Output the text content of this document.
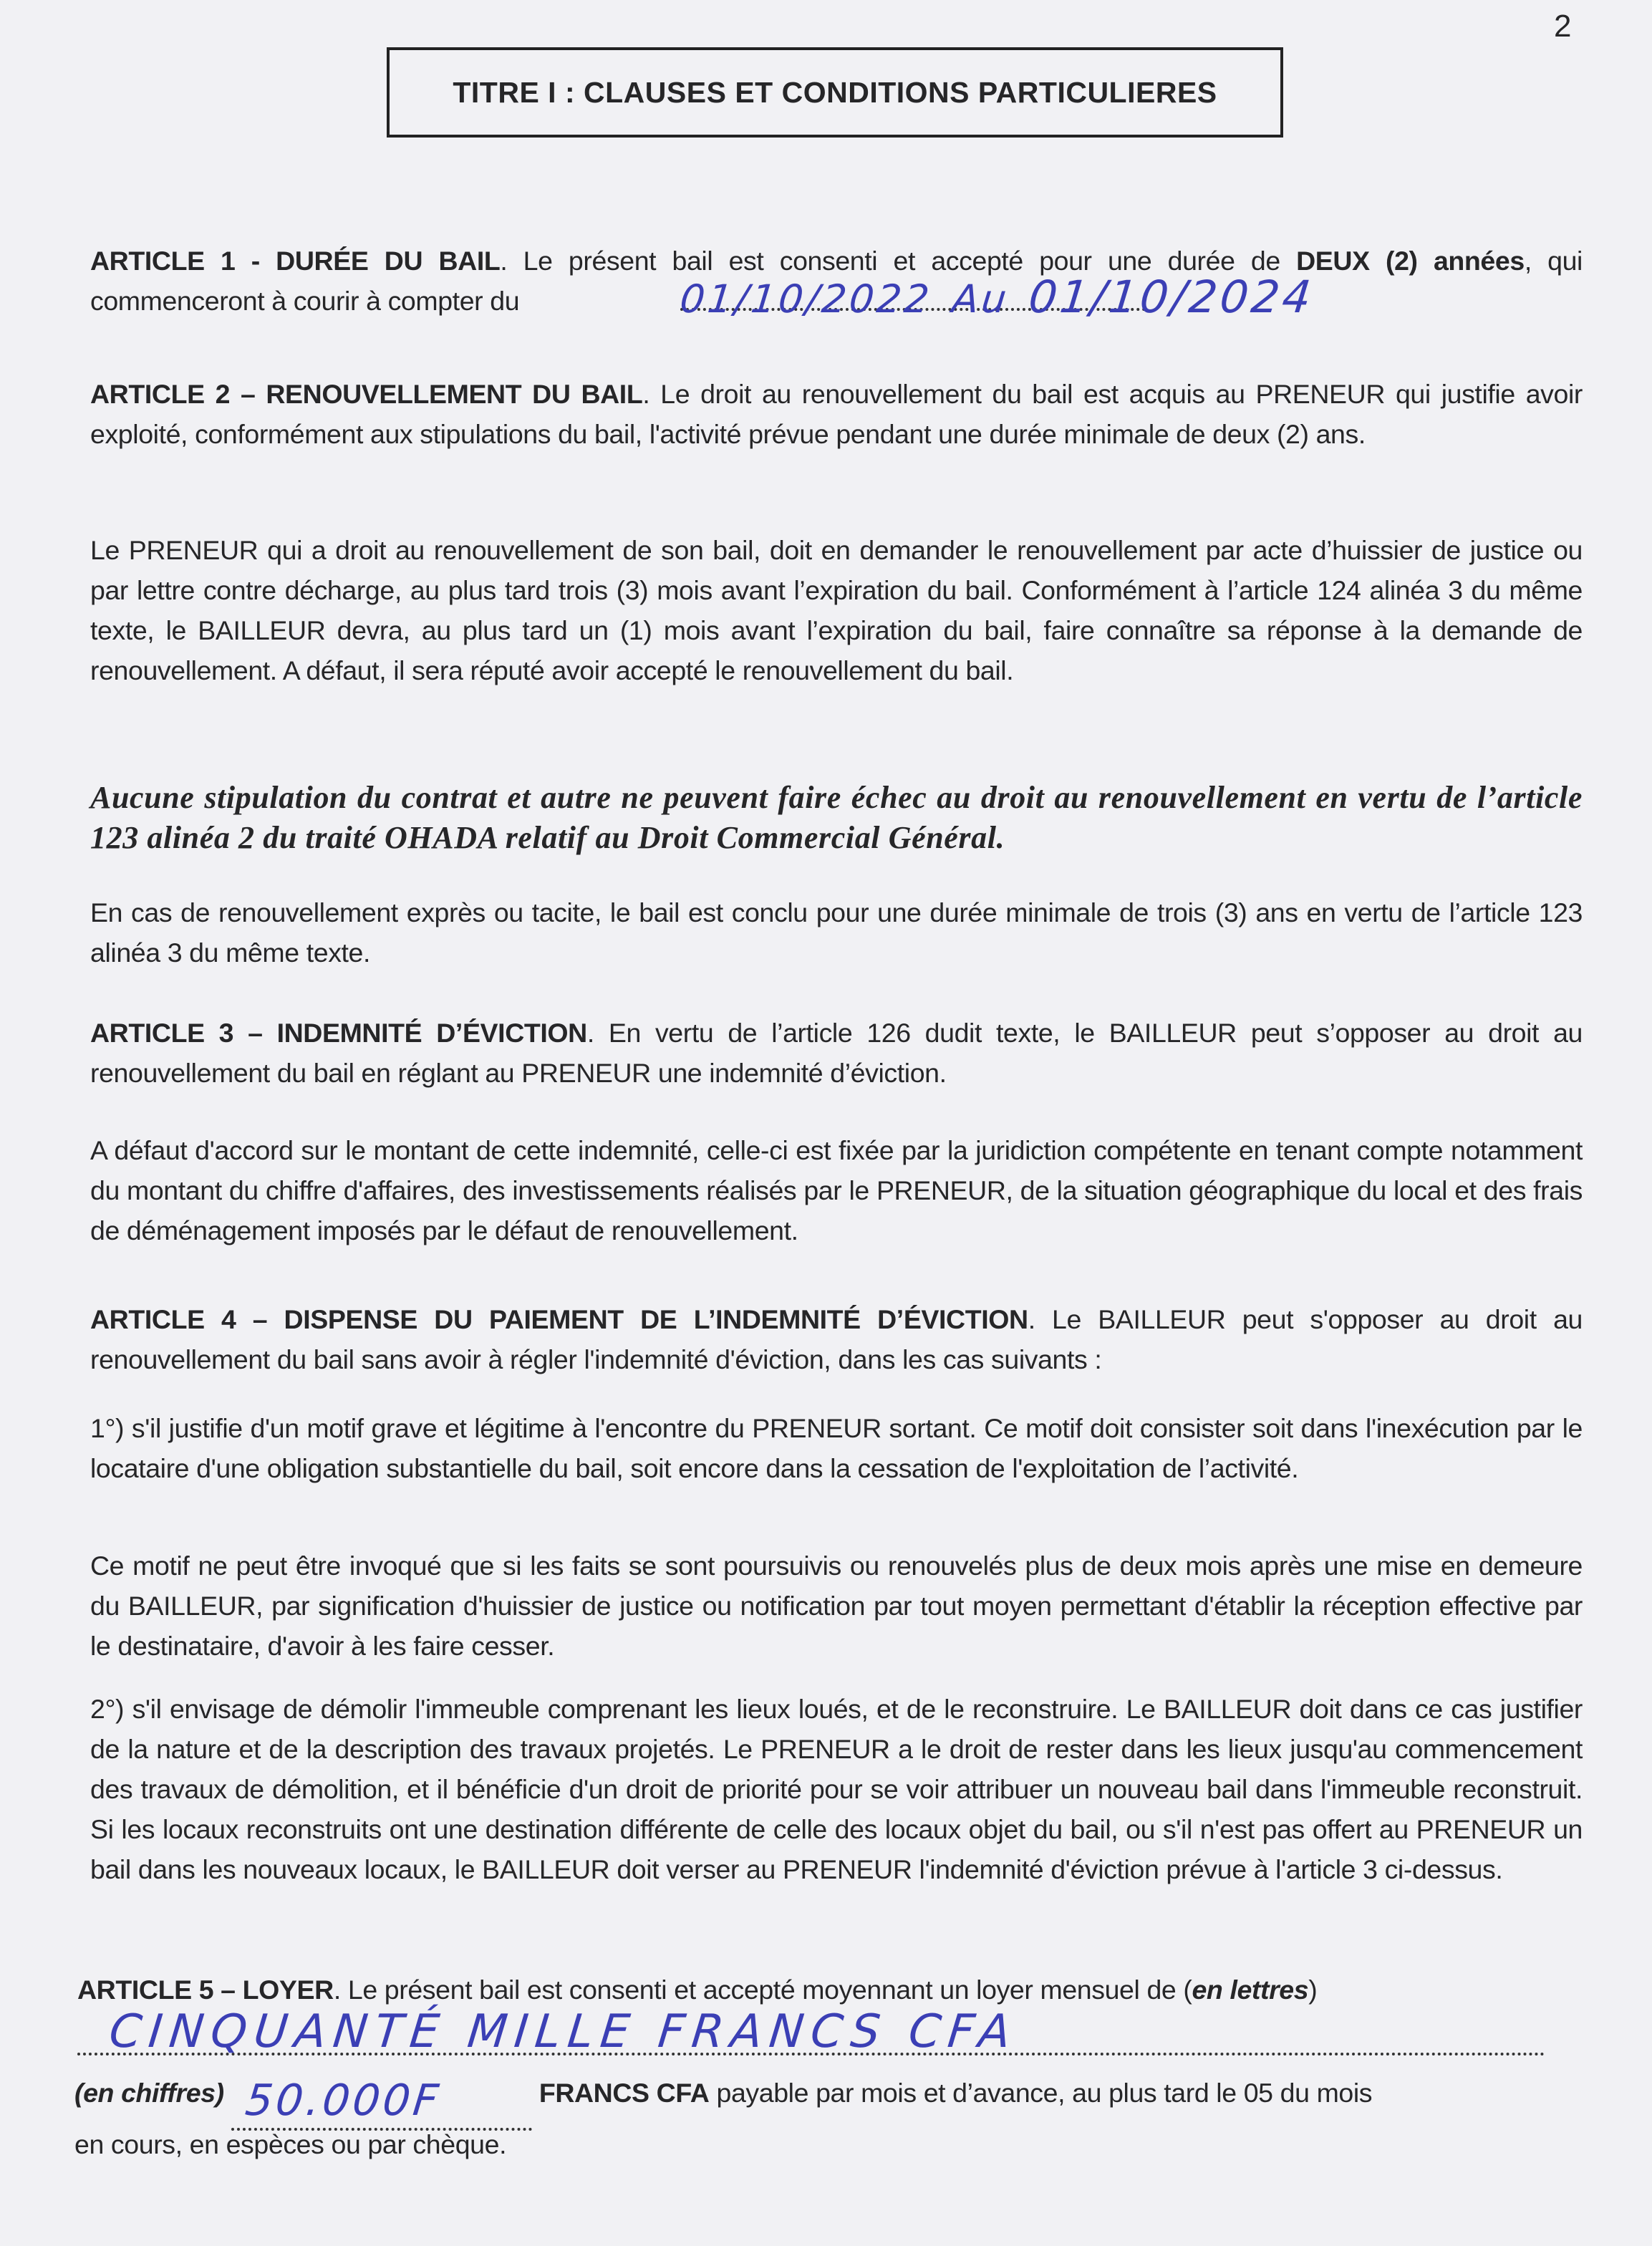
2
TITRE I : CLAUSES ET CONDITIONS PARTICULIERES
ARTICLE 1 - DURÉE DU BAIL. Le présent bail est consenti et accepté pour une durée de DEUX (2) années, qui commenceront à courir à compter du	01/10/2022 Au 01/10/2024
ARTICLE 2 – RENOUVELLEMENT DU BAIL. Le droit au renouvellement du bail est acquis au PRENEUR qui justifie avoir exploité, conformément aux stipulations du bail, l'activité prévue pendant une durée minimale de deux (2) ans.
Le PRENEUR qui a droit au renouvellement de son bail, doit en demander le renouvellement par acte d’huissier de justice ou par lettre contre décharge, au plus tard trois (3) mois avant l’expiration du bail. Conformément à l’article 124 alinéa 3 du même texte, le BAILLEUR devra, au plus tard un (1) mois avant l’expiration du bail, faire connaître sa réponse à la demande de renouvellement. A défaut, il sera réputé avoir accepté le renouvellement du bail.
Aucune stipulation du contrat et autre ne peuvent faire échec au droit au renouvellement en vertu de l’article 123 alinéa 2 du traité OHADA relatif au Droit Commercial Général.
En cas de renouvellement exprès ou tacite, le bail est conclu pour une durée minimale de trois (3) ans en vertu de l’article 123 alinéa 3 du même texte.
ARTICLE 3 – INDEMNITÉ D’ÉVICTION. En vertu de l’article 126 dudit texte, le BAILLEUR peut s’opposer au droit au renouvellement du bail en réglant au PRENEUR une indemnité d’éviction.
A défaut d'accord sur le montant de cette indemnité, celle-ci est fixée par la juridiction compétente en tenant compte notamment du montant du chiffre d'affaires, des investissements réalisés par le PRENEUR, de la situation géographique du local et des frais de déménagement imposés par le défaut de renouvellement.
ARTICLE 4 – DISPENSE DU PAIEMENT DE L’INDEMNITÉ D’ÉVICTION. Le BAILLEUR peut s'opposer au droit au renouvellement du bail sans avoir à régler l'indemnité d'éviction, dans les cas suivants :
1°) s'il justifie d'un motif grave et légitime à l'encontre du PRENEUR sortant. Ce motif doit consister soit dans l'inexécution par le locataire d'une obligation substantielle du bail, soit encore dans la cessation de l'exploitation de l’activité.
Ce motif ne peut être invoqué que si les faits se sont poursuivis ou renouvelés plus de deux mois après une mise en demeure du BAILLEUR, par signification d'huissier de justice ou notification par tout moyen permettant d'établir la réception effective par le destinataire, d'avoir à les faire cesser.
2°) s'il envisage de démolir l'immeuble comprenant les lieux loués, et de le reconstruire. Le BAILLEUR doit dans ce cas justifier de la nature et de la description des travaux projetés. Le PRENEUR a le droit de rester dans les lieux jusqu'au commencement des travaux de démolition, et il bénéficie d'un droit de priorité pour se voir attribuer un nouveau bail dans l'immeuble reconstruit. Si les locaux reconstruits ont une destination différente de celle des locaux objet du bail, ou s'il n'est pas offert au PRENEUR un bail dans les nouveaux locaux, le BAILLEUR doit verser au PRENEUR l'indemnité d'éviction prévue à l'article 3 ci-dessus.
ARTICLE 5 – LOYER. Le présent bail est consenti et accepté moyennant un loyer mensuel de (en lettres)
CINQUANTÉ MILLE FRANCS CFA
(en chiffres) 50.000F	FRANCS CFA payable par mois et d’avance, au plus tard le 05 du mois
en cours, en espèces ou par chèque.
